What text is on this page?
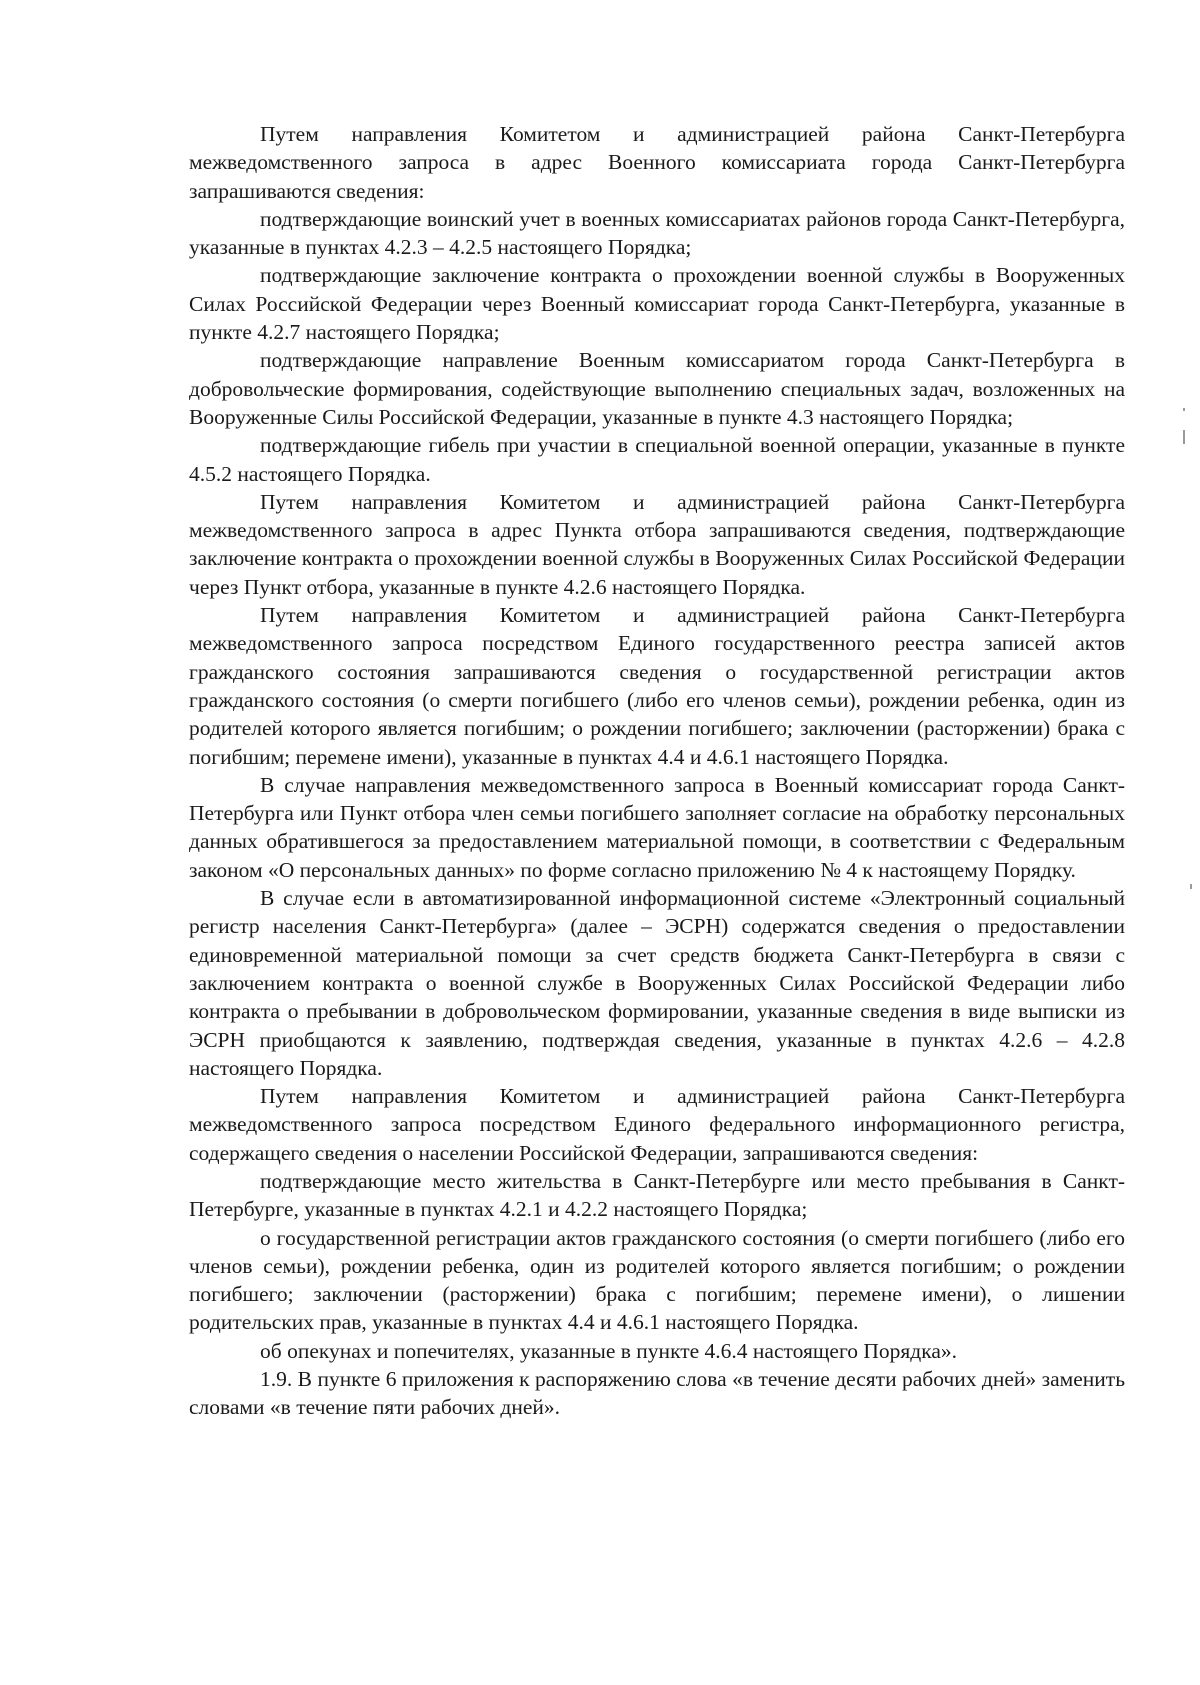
Путем направления Комитетом и администрацией района Санкт-Петербурга межведомственного запроса в адрес Военного комиссариата города Санкт-Петербурга запрашиваются сведения:

подтверждающие воинский учет в военных комиссариатах районов города Санкт-Петербурга, указанные в пунктах 4.2.3 – 4.2.5 настоящего Порядка;

подтверждающие заключение контракта о прохождении военной службы в Вооруженных Силах Российской Федерации через Военный комиссариат города Санкт-Петербурга, указанные в пункте 4.2.7 настоящего Порядка;

подтверждающие направление Военным комиссариатом города Санкт-Петербурга в добровольческие формирования, содействующие выполнению специальных задач, возложенных на Вооруженные Силы Российской Федерации, указанные в пункте 4.3 настоящего Порядка;

подтверждающие гибель при участии в специальной военной операции, указанные в пункте 4.5.2 настоящего Порядка.

Путем направления Комитетом и администрацией района Санкт-Петербурга межведомственного запроса в адрес Пункта отбора запрашиваются сведения, подтверждающие заключение контракта о прохождении военной службы в Вооруженных Силах Российской Федерации через Пункт отбора, указанные в пункте 4.2.6 настоящего Порядка.

Путем направления Комитетом и администрацией района Санкт-Петербурга межведомственного запроса посредством Единого государственного реестра записей актов гражданского состояния запрашиваются сведения о государственной регистрации актов гражданского состояния (о смерти погибшего (либо его членов семьи), рождении ребенка, один из родителей которого является погибшим; о рождении погибшего; заключении (расторжении) брака с погибшим; перемене имени), указанные в пунктах 4.4 и 4.6.1 настоящего Порядка.

В случае направления межведомственного запроса в Военный комиссариат города Санкт-Петербурга или Пункт отбора член семьи погибшего заполняет согласие на обработку персональных данных обратившегося за предоставлением материальной помощи, в соответствии с Федеральным законом «О персональных данных» по форме согласно приложению № 4 к настоящему Порядку.

В случае если в автоматизированной информационной системе «Электронный социальный регистр населения Санкт-Петербурга» (далее – ЭСРН) содержатся сведения о предоставлении единовременной материальной помощи за счет средств бюджета Санкт-Петербурга в связи с заключением контракта о военной службе в Вооруженных Силах Российской Федерации либо контракта о пребывании в добровольческом формировании, указанные сведения в виде выписки из ЭСРН приобщаются к заявлению, подтверждая сведения, указанные в пунктах 4.2.6 – 4.2.8 настоящего Порядка.

Путем направления Комитетом и администрацией района Санкт-Петербурга межведомственного запроса посредством Единого федерального информационного регистра, содержащего сведения о населении Российской Федерации, запрашиваются сведения:

подтверждающие место жительства в Санкт-Петербурге или место пребывания в Санкт-Петербурге, указанные в пунктах 4.2.1 и 4.2.2 настоящего Порядка;

о государственной регистрации актов гражданского состояния (о смерти погибшего (либо его членов семьи), рождении ребенка, один из родителей которого является погибшим; о рождении погибшего; заключении (расторжении) брака с погибшим; перемене имени), о лишении родительских прав, указанные в пунктах 4.4 и 4.6.1 настоящего Порядка.

об опекунах и попечителях, указанные в пункте 4.6.4 настоящего Порядка».

1.9. В пункте 6 приложения к распоряжению слова «в течение десяти рабочих дней» заменить словами «в течение пяти рабочих дней».
